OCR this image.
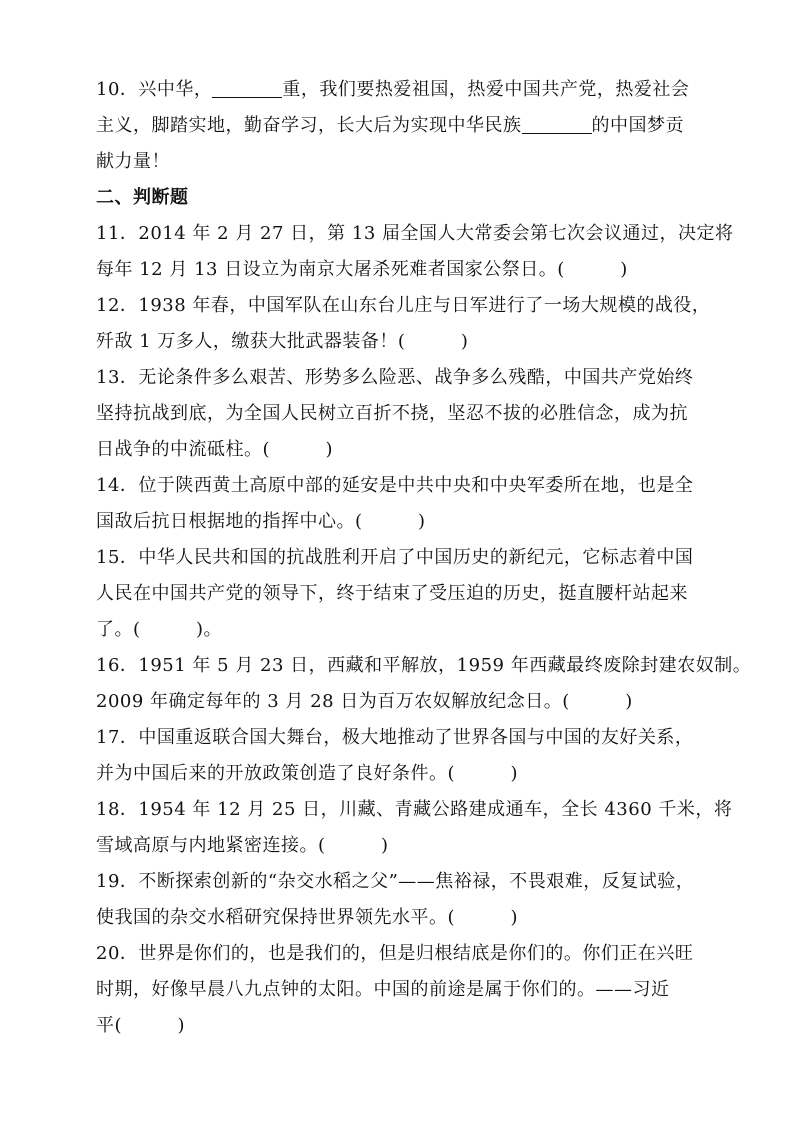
10．兴中华，	重，我们要热爱祖国，热爱中国共产党，热爱社会
主义，脚踏实地，勤奋学习，长大后为实现中华民族	的中国梦贡
献力量！
二、判断题
11．2014 年 2 月 27 日，第 13 届全国人大常委会第七次会议通过，决定将
每年 12 月 13 日设立为南京大屠杀死难者国家公祭日。(　　　)
12．1938 年春，中国军队在山东台儿庄与日军进行了一场大规模的战役，
歼敌 1 万多人，缴获大批武器装备！(　　　)
13．无论条件多么艰苦、形势多么险恶、战争多么残酷，中国共产党始终
坚持抗战到底，为全国人民树立百折不挠，坚忍不拔的必胜信念，成为抗
日战争的中流砥柱。(　　　)
14．位于陕西黄土高原中部的延安是中共中央和中央军委所在地，也是全
国敌后抗日根据地的指挥中心。(　　　)
15．中华人民共和国的抗战胜利开启了中国历史的新纪元，它标志着中国
人民在中国共产党的领导下，终于结束了受压迫的历史，挺直腰杆站起来
了。(　　　)。
16．1951 年 5 月 23 日，西藏和平解放，1959 年西藏最终废除封建农奴制。
2009 年确定每年的 3 月 28 日为百万农奴解放纪念日。(　　　)
17．中国重返联合国大舞台，极大地推动了世界各国与中国的友好关系，
并为中国后来的开放政策创造了良好条件。(　　　)
18．1954 年 12 月 25 日，川藏、青藏公路建成通车，全长 4360 千米，将
雪域高原与内地紧密连接。(　　　)
19．不断探索创新的“杂交水稻之父”——焦裕禄，不畏艰难，反复试验，
使我国的杂交水稻研究保持世界领先水平。(　　　)
20．世界是你们的，也是我们的，但是归根结底是你们的。你们正在兴旺
时期，好像早晨八九点钟的太阳。中国的前途是属于你们的。——习近
平(　　　)
